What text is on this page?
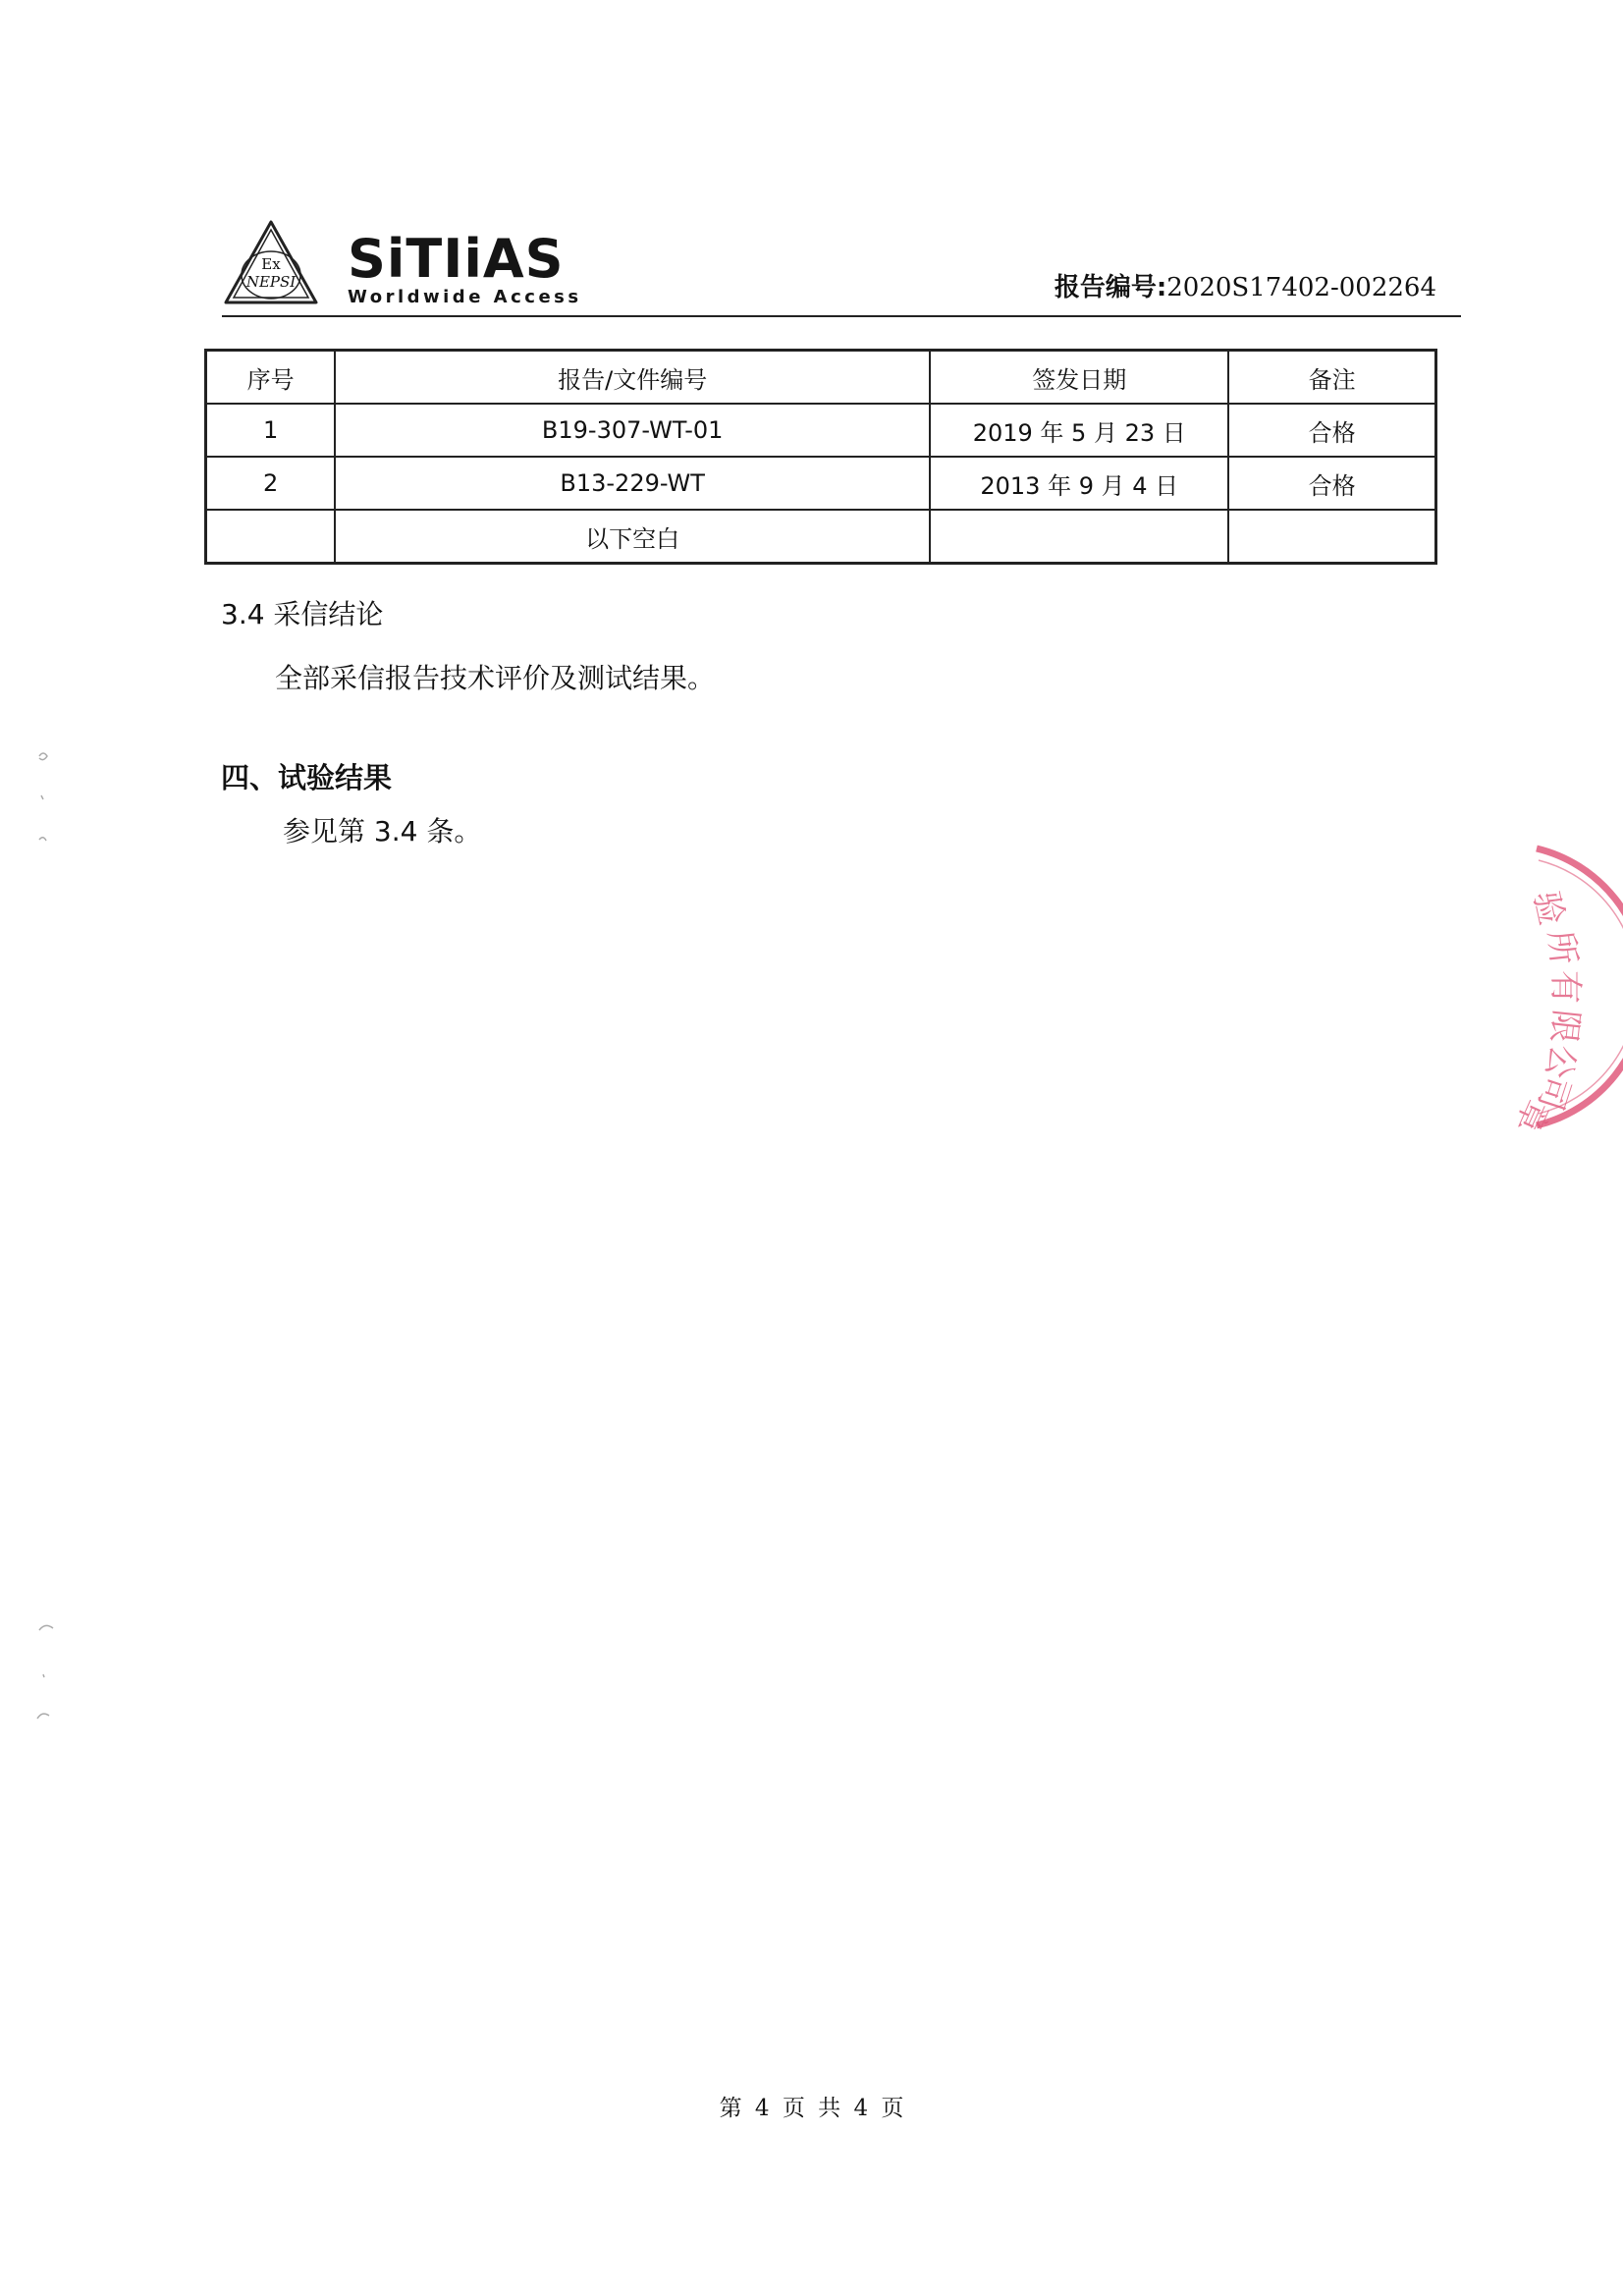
Ex
NEPSI SiTIiAS
Worldwide Access	报告编号:2020S17402-002264
序号	报告/文件编号	签发日期	备注
1	B19-307-WT-01	2019 年 5 月 23 日	合格
2	B13-229-WT	2013 年 9 月 4 日	合格
	以下空白		
3.4 采信结论
全部采信报告技术评价及测试结果。
四、试验结果
参见第 3.4 条。
验
所
有
限
公
司
章
第 4 页 共 4 页
